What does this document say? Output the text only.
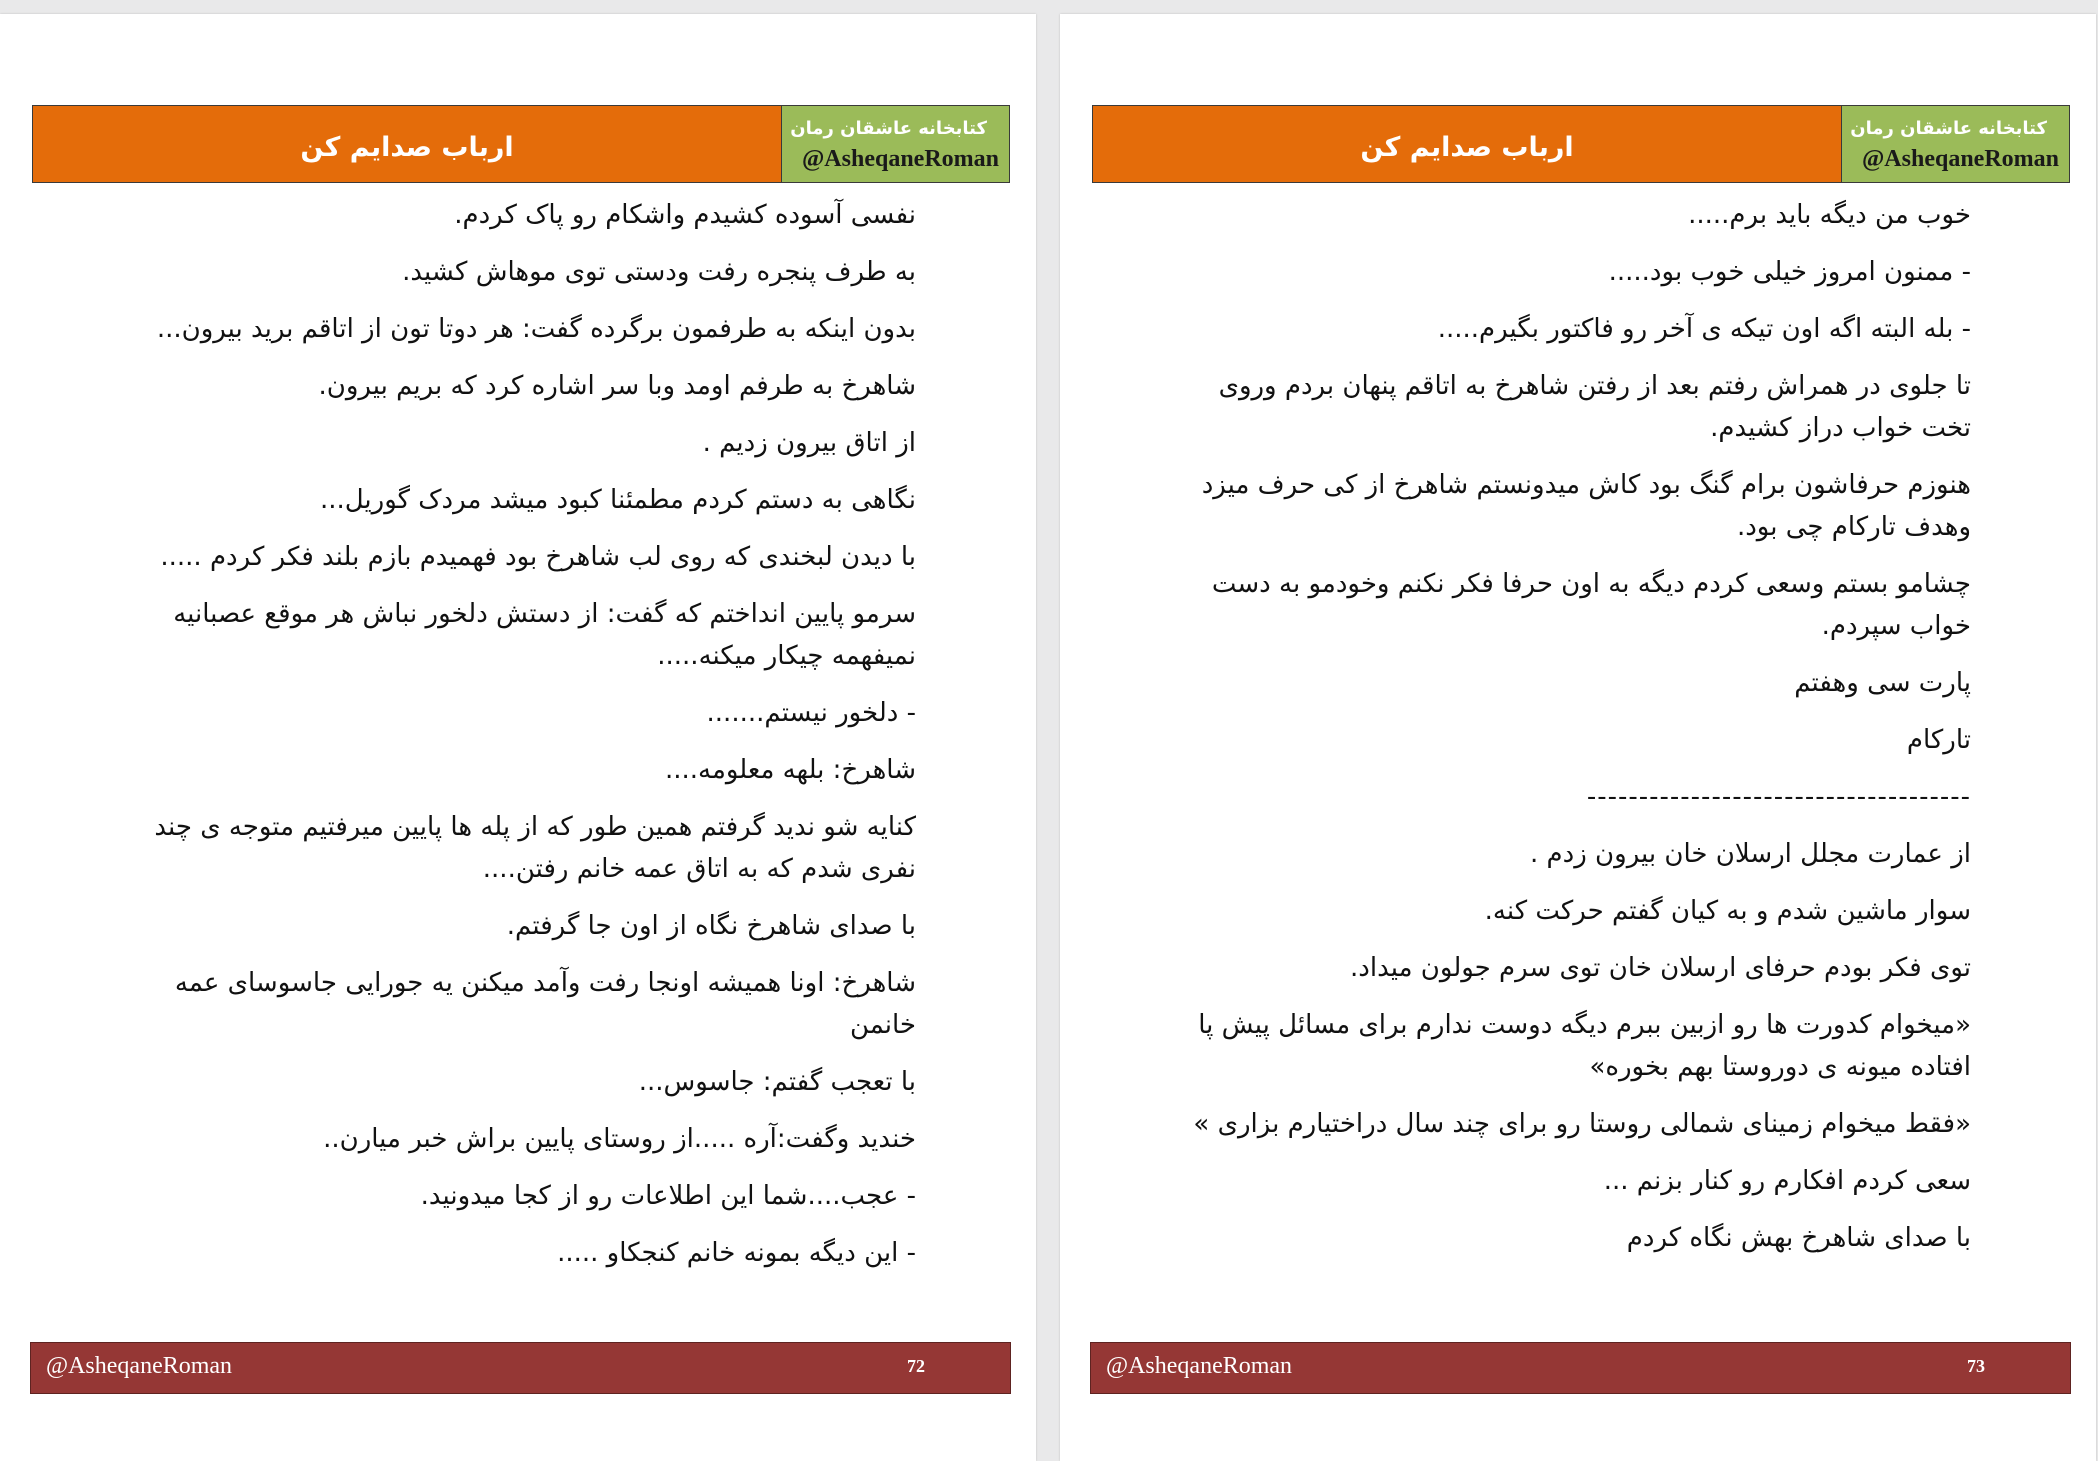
ارباب صدایم کن
کتابخانه عاشقان رمان
@AsheqaneRoman

نفسی آسوده کشیدم واشکام رو پاک کردم.

به طرف پنجره رفت ودستی توی موهاش کشید.

بدون اینکه به طرفمون برگرده گفت: هر دوتا تون از اتاقم برید بیرون...

شاهرخ به طرفم اومد وبا سر اشاره کرد که بریم بیرون.

از اتاق بیرون زدیم .

نگاهی به دستم کردم مطمئنا کبود میشد مردک گوریل...

با دیدن لبخندی که روی لب شاهرخ بود فهمیدم بازم بلند فکر کردم .....

سرمو پایین انداختم که گفت: از دستش دلخور نباش هر موقع عصبانیه نمیفهمه چیکار میکنه.....

- دلخور نیستم.......

شاهرخ: بلهه معلومه....

کنایه شو ندید گرفتم همین طور که از پله ها پایین میرفتیم متوجه ی چند نفری شدم که به اتاق عمه خانم رفتن....

با صدای شاهرخ نگاه از اون جا گرفتم.

شاهرخ: اونا همیشه اونجا رفت وآمد میکنن یه جورایی جاسوسای عمه خانمن

با تعجب گفتم: جاسوس...

خندید وگفت:آره .....از روستای پایین براش خبر میارن..

- عجب....شما این اطلاعات رو از کجا میدونید.

- این دیگه بمونه خانم کنجکاو .....

@AsheqaneRoman	72
ارباب صدایم کن
کتابخانه عاشقان رمان
@AsheqaneRoman

خوب من دیگه باید برم.....

- ممنون امروز خیلی خوب بود.....

- بله البته اگه اون تیکه ی آخر رو فاکتور بگیرم.....

تا جلوی در همراش رفتم بعد از رفتن شاهرخ به اتاقم پنهان بردم وروی تخت خواب دراز کشیدم.

هنوزم حرفاشون برام گنگ بود کاش میدونستم شاهرخ از کی حرف میزد وهدف تارکام چی بود.

چشامو بستم وسعی کردم دیگه به اون حرفا فکر نکنم وخودمو به دست خواب سپردم.

پارت سی وهفتم

تارکام

-------------------------------------

از عمارت مجلل ارسلان خان بیرون زدم .

سوار ماشین شدم و به کیان گفتم حرکت کنه.

توی فکر بودم حرفای ارسلان خان توی سرم جولون میداد.

«میخوام کدورت ها رو ازبین ببرم دیگه دوست ندارم برای مسائل پیش پا افتاده میونه ی دوروستا بهم بخوره»

«فقط میخوام زمینای شمالی روستا رو برای چند سال دراختیارم بزاری »

سعی کردم افکارم رو کنار بزنم ...

با صدای شاهرخ بهش نگاه کردم

@AsheqaneRoman	73
